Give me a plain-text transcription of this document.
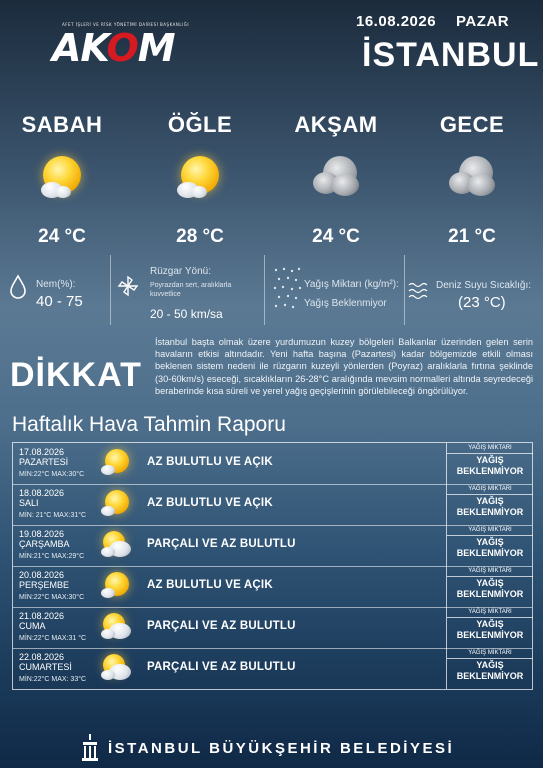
AFET İŞLERİ VE RİSK YÖNETİMİ DAİRESİ BAŞKANLIĞI
AKOM
16.08.2026 PAZAR
İSTANBUL
SABAH
24 °C
ÖĞLE
28 °C
AKŞAM
24 °C
GECE
21 °C
Nem(%):
40 - 75
Rüzgar Yönü:
Poyrazdan sert, aralıklarla kuvvetlice
20 - 50 km/sa
Yağış Miktarı (kg/m²):
Yağış Beklenmiyor
Deniz Suyu Sıcaklığı:
(23 °C)
DİKKAT
İstanbul başta olmak üzere yurdumuzun kuzey bölgeleri Balkanlar üzerinden gelen serin havaların etkisi altındadır. Yeni hafta başına (Pazartesi) kadar bölgemizde etkili olması beklenen sistem nedeni ile rüzgarın kuzeyli yönlerden (Poyraz) aralıklarla fırtına şeklinde (30-60km/s) eseceği, sıcaklıkların 26-28°C aralığında mevsim normalleri altında seyredeceği beraberinde kısa süreli ve yerel yağış geçişlerinin görülebileceği öngörülüyor.
Haftalık Hava Tahmin Raporu
17.08.2026
PAZARTESİ
MİN:22°C MAX:30°C
AZ BULUTLU VE AÇIK
YAĞIŞ MİKTARI
YAĞIŞ BEKLENMİYOR
18.08.2026
SALI
MİN: 21°C MAX:31°C
AZ BULUTLU VE AÇIK
YAĞIŞ MİKTARI
YAĞIŞ BEKLENMİYOR
19.08.2026
ÇARŞAMBA
MİN:21°C MAX:29°C
PARÇALI VE AZ BULUTLU
YAĞIŞ MİKTARI
YAĞIŞ BEKLENMİYOR
20.08.2026
PERŞEMBE
MİN:22°C MAX:30°C
AZ BULUTLU VE AÇIK
YAĞIŞ MİKTARI
YAĞIŞ BEKLENMİYOR
21.08.2026
CUMA
MİN:22°C MAX:31 °C
PARÇALI VE AZ BULUTLU
YAĞIŞ MİKTARI
YAĞIŞ BEKLENMİYOR
22.08.2026
CUMARTESİ
MİN:22°C MAX: 33°C
PARÇALI VE AZ BULUTLU
YAĞIŞ MİKTARI
YAĞIŞ BEKLENMİYOR
İSTANBUL BÜYÜKŞEHİR BELEDİYESİ
